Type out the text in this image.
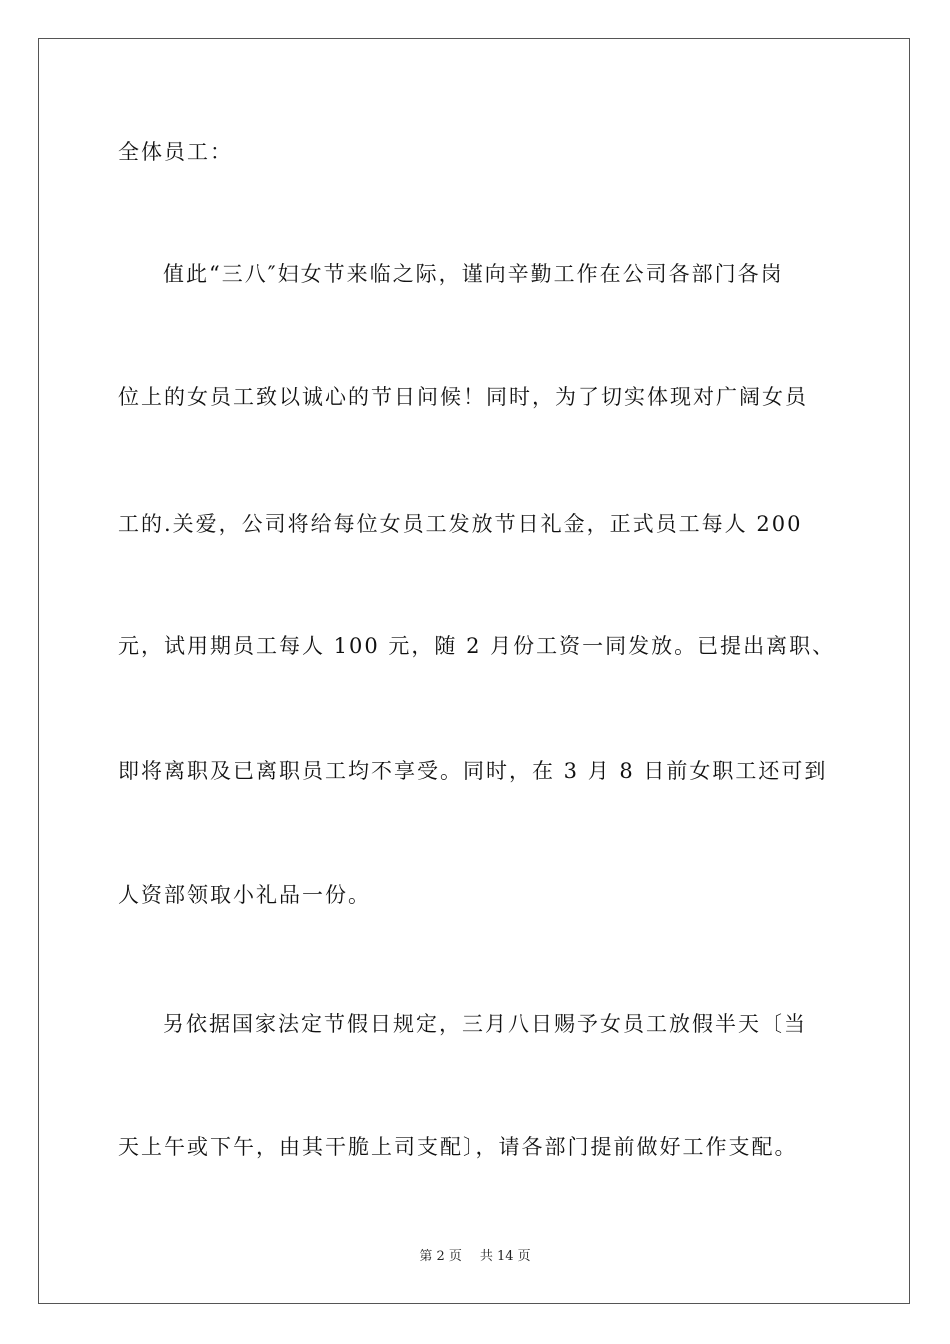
全体员工：
值此“三八″妇女节来临之际，谨向辛勤工作在公司各部门各岗
位上的女员工致以诚心的节日问候！同时，为了切实体现对广阔女员
工的.关爱，公司将给每位女员工发放节日礼金，正式员工每人 200
元，试用期员工每人 100 元，随 2 月份工资一同发放。已提出离职、
即将离职及已离职员工均不享受。同时，在 3 月 8 日前女职工还可到
人资部领取小礼品一份。
另依据国家法定节假日规定，三月八日赐予女员工放假半天〔当
天上午或下午，由其干脆上司支配〕，请各部门提前做好工作支配。
第 2 页 共 14 页
